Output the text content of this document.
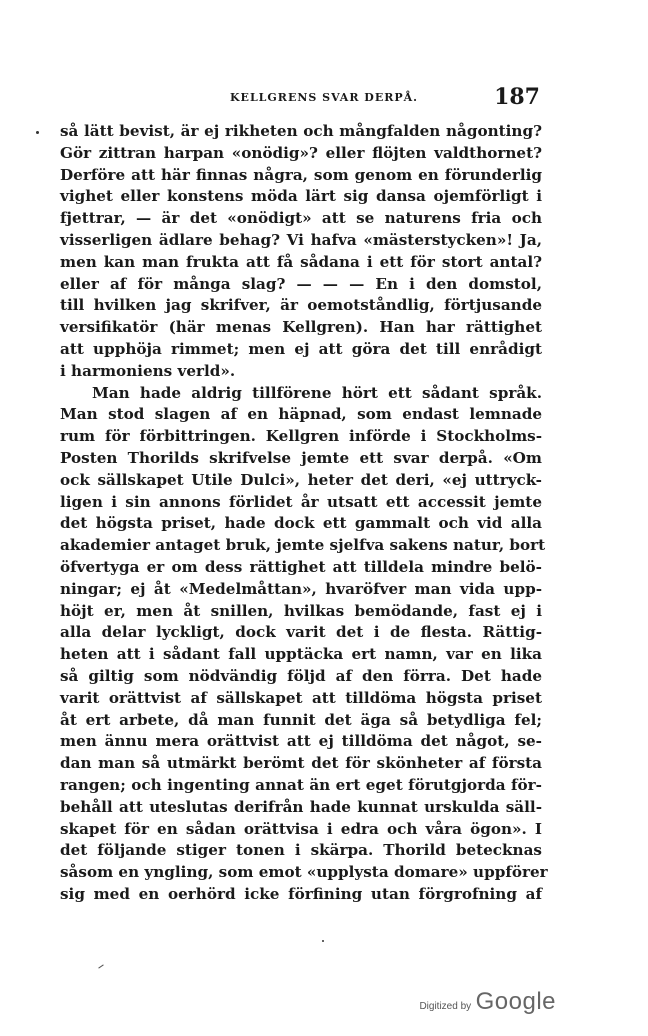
KELLGRENS SVAR DERPÅ.	187
så lätt bevist, är ej rikheten och mångfalden någonting?
Gör zittran harpan «onödig»? eller flöjten valdthornet?
Derföre att här finnas några, som genom en förunderlig
vighet eller konstens möda lärt sig dansa ojemförligt i
fjettrar, — är det «onödigt» att se naturens fria och
visserligen ädlare behag? Vi hafva «mästerstycken»! Ja,
men kan man frukta att få sådana i ett för stort antal?
eller af för många slag? — — — En i den domstol,
till hvilken jag skrifver, är oemotståndlig, förtjusande
versifikatör (här menas Kellgren). Han har rättighet
att upphöja rimmet; men ej att göra det till enrådigt
i harmoniens verld».
Man hade aldrig tillförene hört ett sådant språk.
Man stod slagen af en häpnad, som endast lemnade
rum för förbittringen. Kellgren införde i Stockholms-
Posten Thorilds skrifvelse jemte ett svar derpå. «Om
ock sällskapet Utile Dulci», heter det deri, «ej uttryck-
ligen i sin annons förlidet år utsatt ett accessit jemte
det högsta priset, hade dock ett gammalt och vid alla
akademier antaget bruk, jemte sjelfva sakens natur, bort
öfvertyga er om dess rättighet att tilldela mindre belö-
ningar; ej åt «Medelmåttan», hvaröfver man vida upp-
höjt er, men åt snillen, hvilkas bemödande, fast ej i
alla delar lyckligt, dock varit det i de flesta. Rättig-
heten att i sådant fall upptäcka ert namn, var en lika
så giltig som nödvändig följd af den förra. Det hade
varit orättvist af sällskapet att tilldöma högsta priset
åt ert arbete, då man funnit det äga så betydliga fel;
men ännu mera orättvist att ej tilldöma det något, se-
dan man så utmärkt berömt det för skönheter af första
rangen; och ingenting annat än ert eget förutgjorda för-
behåll att uteslutas derifrån hade kunnat urskulda säll-
skapet för en sådan orättvisa i edra och våra ögon». I
det följande stiger tonen i skärpa. Thorild betecknas
såsom en yngling, som emot «upplysta domare» uppförer
sig med en oerhörd icke förfining utan förgrofning af
Digitized by Google
